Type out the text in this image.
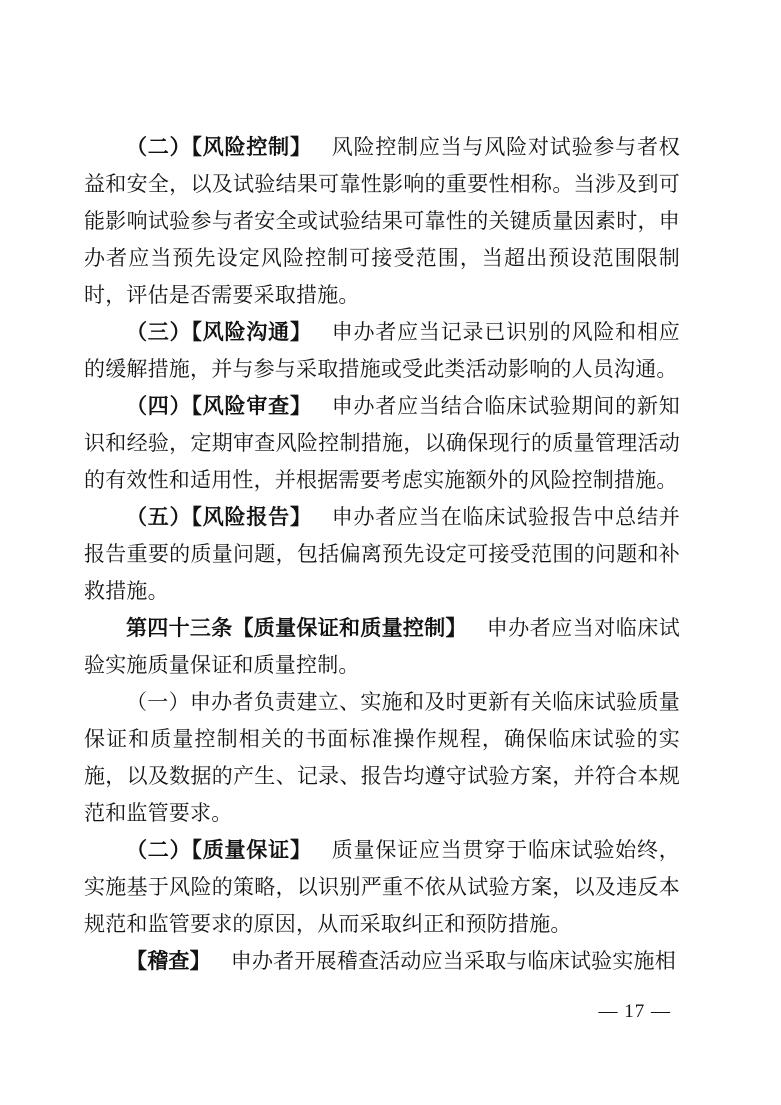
（二）【风险控制】 风险控制应当与风险对试验参与者权益和安全，以及试验结果可靠性影响的重要性相称。当涉及到可能影响试验参与者安全或试验结果可靠性的关键质量因素时，申办者应当预先设定风险控制可接受范围，当超出预设范围限制时，评估是否需要采取措施。

（三）【风险沟通】 申办者应当记录已识别的风险和相应的缓解措施，并与参与采取措施或受此类活动影响的人员沟通。

（四）【风险审查】 申办者应当结合临床试验期间的新知识和经验，定期审查风险控制措施，以确保现行的质量管理活动的有效性和适用性，并根据需要考虑实施额外的风险控制措施。

（五）【风险报告】 申办者应当在临床试验报告中总结并报告重要的质量问题，包括偏离预先设定可接受范围的问题和补救措施。

第四十三条【质量保证和质量控制】 申办者应当对临床试验实施质量保证和质量控制。

（一）申办者负责建立、实施和及时更新有关临床试验质量保证和质量控制相关的书面标准操作规程，确保临床试验的实施，以及数据的产生、记录、报告均遵守试验方案，并符合本规范和监管要求。

（二）【质量保证】 质量保证应当贯穿于临床试验始终，实施基于风险的策略，以识别严重不依从试验方案，以及违反本规范和监管要求的原因，从而采取纠正和预防措施。

【稽查】 申办者开展稽查活动应当采取与临床试验实施相

— 17 —
